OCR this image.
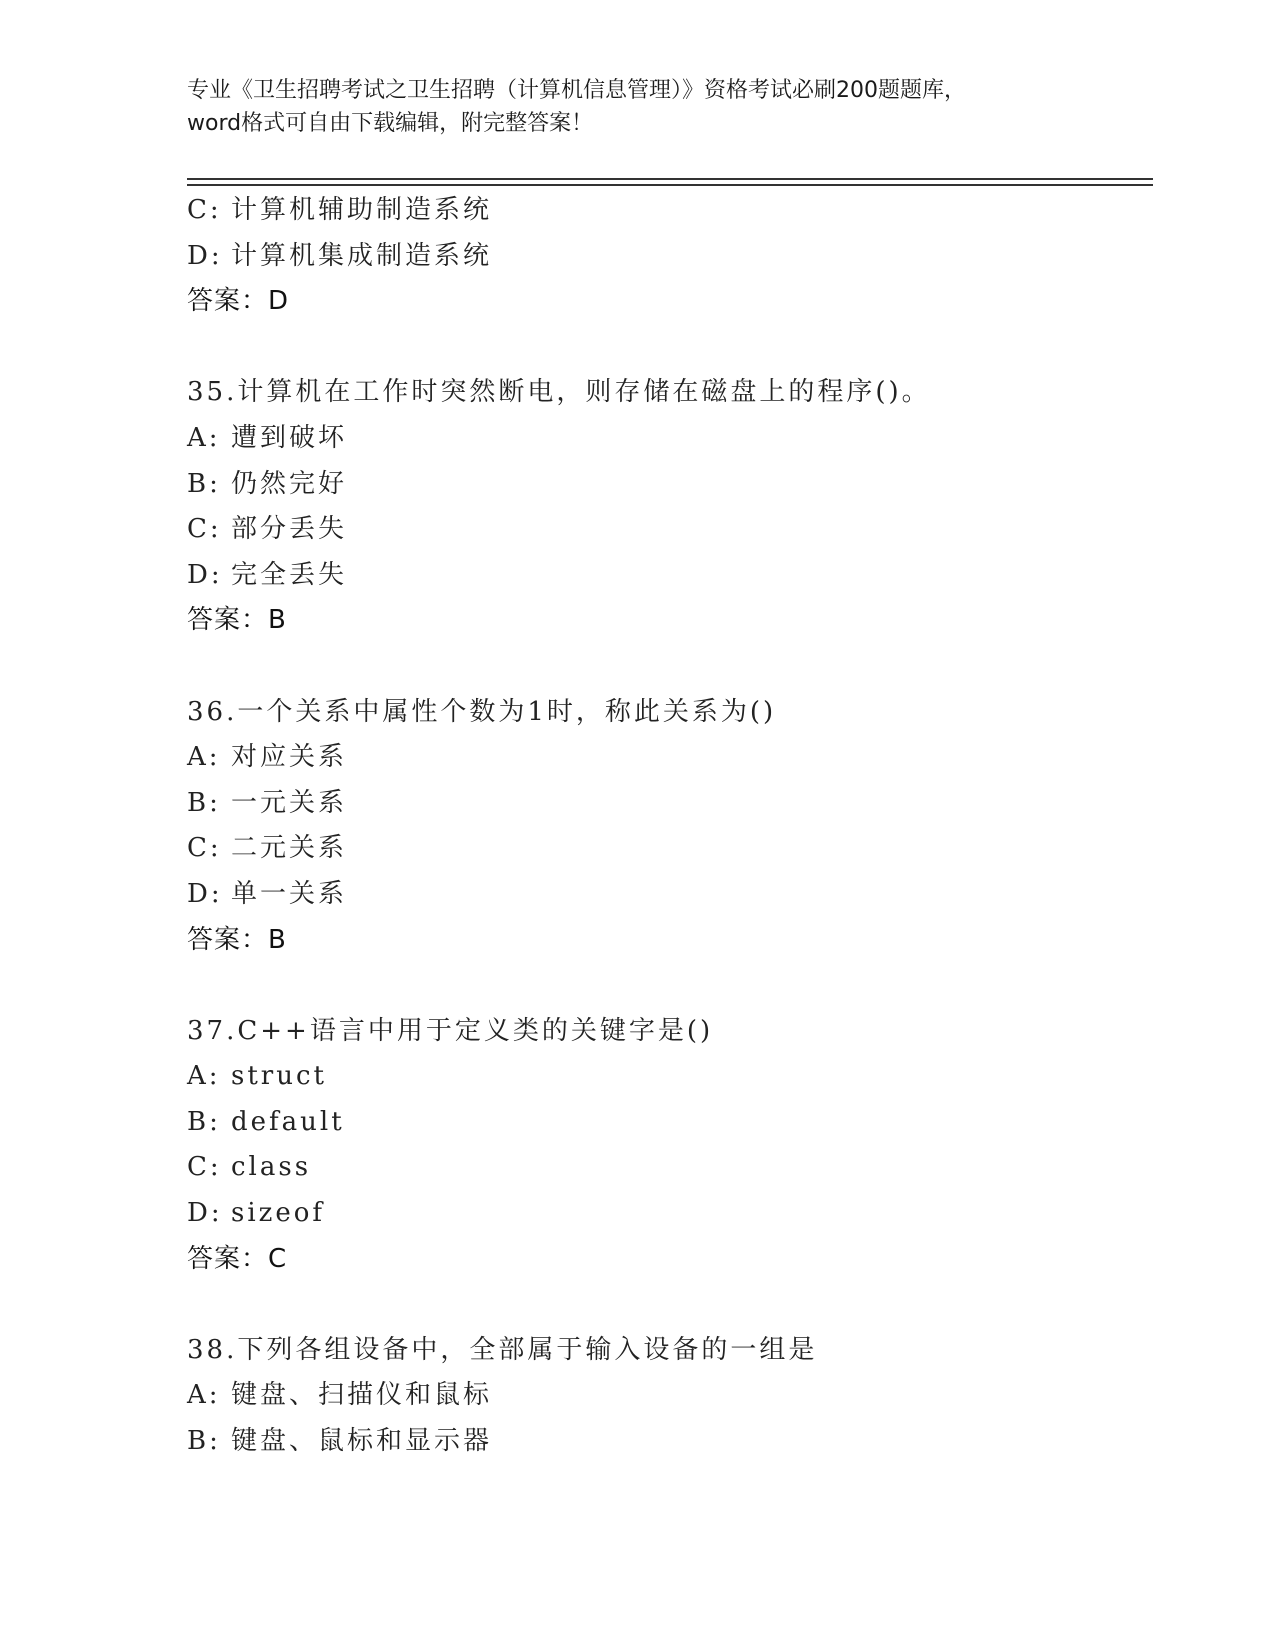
专业《卫生招聘考试之卫生招聘（计算机信息管理）》资格考试必刷200题题库，
word格式可自由下载编辑，附完整答案！
C: 计算机辅助制造系统
D: 计算机集成制造系统
答案：D
35.计算机在工作时突然断电，则存储在磁盘上的程序()。
A: 遭到破坏
B: 仍然完好
C: 部分丢失
D: 完全丢失
答案：B
36.一个关系中属性个数为1时，称此关系为()
A: 对应关系
B: 一元关系
C: 二元关系
D: 单一关系
答案：B
37.C++语言中用于定义类的关键字是()
A: struct
B: default
C: class
D: sizeof
答案：C
38.下列各组设备中，全部属于输入设备的一组是
A: 键盘、扫描仪和鼠标
B: 键盘、鼠标和显示器
